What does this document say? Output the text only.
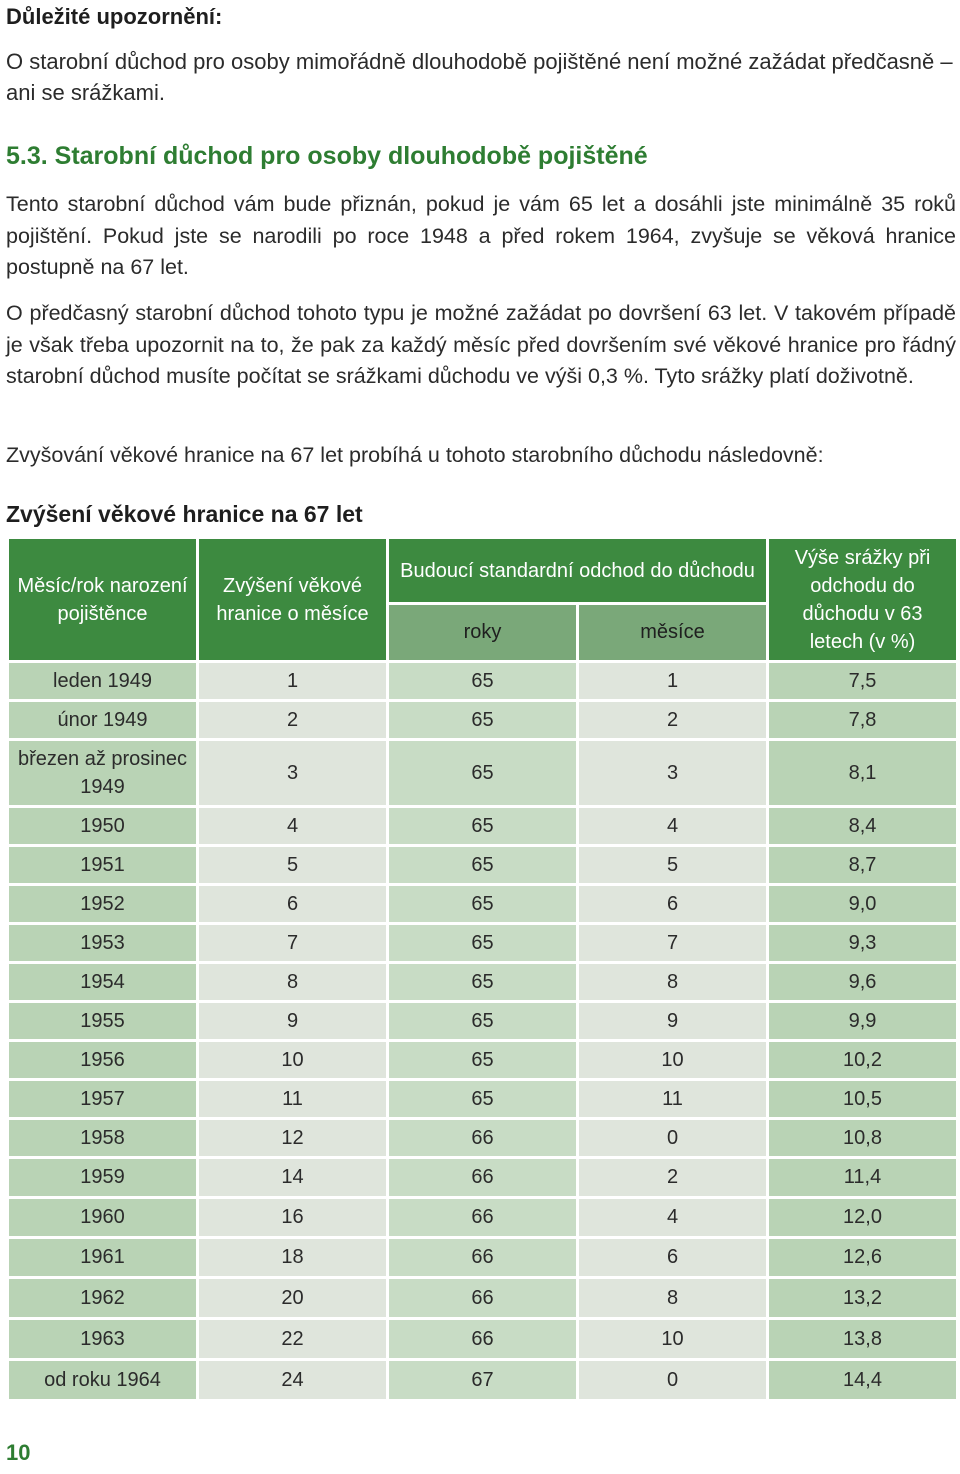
Důležité upozornění:
O starobní důchod pro osoby mimořádně dlouhodobě pojištěné není možné zažádat předčasně – ani se srážkami.
5.3. Starobní důchod pro osoby dlouhodobě pojištěné
Tento starobní důchod vám bude přiznán, pokud je vám 65 let a dosáhli jste minimálně 35 roků pojištění. Pokud jste se narodili po roce 1948 a před rokem 1964, zvyšuje se věková hranice postupně na 67 let.
O předčasný starobní důchod tohoto typu je možné zažádat po dovršení 63 let. V takovém případě je však třeba upozornit na to, že pak za každý měsíc před dovršením své věkové hranice pro řádný starobní důchod musíte počítat se srážkami důchodu ve výši 0,3 %. Tyto srážky platí doživotně.
Zvyšování věkové hranice na 67 let probíhá u tohoto starobního důchodu následovně:
Zvýšení věkové hranice na 67 let
Měsíc/rok narození pojištěnce	Zvýšení věkové hranice o měsíce	Budoucí standardní odchod do důchodu		Výše srážky při odchodu do důchodu v 63 letech (v %)
		roky	měsíce	
leden 1949	1	65	1	7,5
únor 1949	2	65	2	7,8
březen až prosinec 1949	3	65	3	8,1
1950	4	65	4	8,4
1951	5	65	5	8,7
1952	6	65	6	9,0
1953	7	65	7	9,3
1954	8	65	8	9,6
1955	9	65	9	9,9
1956	10	65	10	10,2
1957	11	65	11	10,5
1958	12	66	0	10,8
1959	14	66	2	11,4
1960	16	66	4	12,0
1961	18	66	6	12,6
1962	20	66	8	13,2
1963	22	66	10	13,8
od roku 1964	24	67	0	14,4
10
